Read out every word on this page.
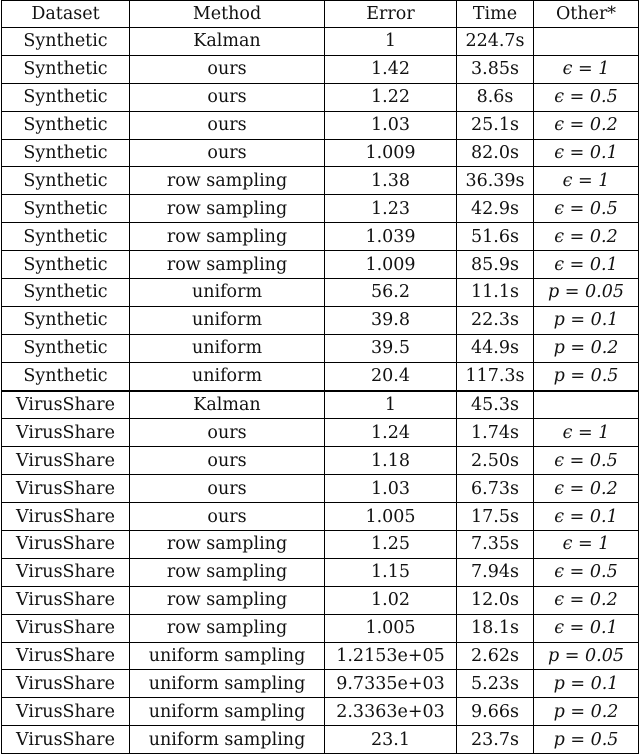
Dataset	Method	Error	Time	Other*
Synthetic	Kalman	1	224.7s	
Synthetic	ours	1.42	3.85s	ϵ = 1
Synthetic	ours	1.22	8.6s	ϵ = 0.5
Synthetic	ours	1.03	25.1s	ϵ = 0.2
Synthetic	ours	1.009	82.0s	ϵ = 0.1
Synthetic	row sampling	1.38	36.39s	ϵ = 1
Synthetic	row sampling	1.23	42.9s	ϵ = 0.5
Synthetic	row sampling	1.039	51.6s	ϵ = 0.2
Synthetic	row sampling	1.009	85.9s	ϵ = 0.1
Synthetic	uniform	56.2	11.1s	p = 0.05
Synthetic	uniform	39.8	22.3s	p = 0.1
Synthetic	uniform	39.5	44.9s	p = 0.2
Synthetic	uniform	20.4	117.3s	p = 0.5
VirusShare	Kalman	1	45.3s	
VirusShare	ours	1.24	1.74s	ϵ = 1
VirusShare	ours	1.18	2.50s	ϵ = 0.5
VirusShare	ours	1.03	6.73s	ϵ = 0.2
VirusShare	ours	1.005	17.5s	ϵ = 0.1
VirusShare	row sampling	1.25	7.35s	ϵ = 1
VirusShare	row sampling	1.15	7.94s	ϵ = 0.5
VirusShare	row sampling	1.02	12.0s	ϵ = 0.2
VirusShare	row sampling	1.005	18.1s	ϵ = 0.1
VirusShare	uniform sampling	1.2153e+05	2.62s	p = 0.05
VirusShare	uniform sampling	9.7335e+03	5.23s	p = 0.1
VirusShare	uniform sampling	2.3363e+03	9.66s	p = 0.2
VirusShare	uniform sampling	23.1	23.7s	p = 0.5
